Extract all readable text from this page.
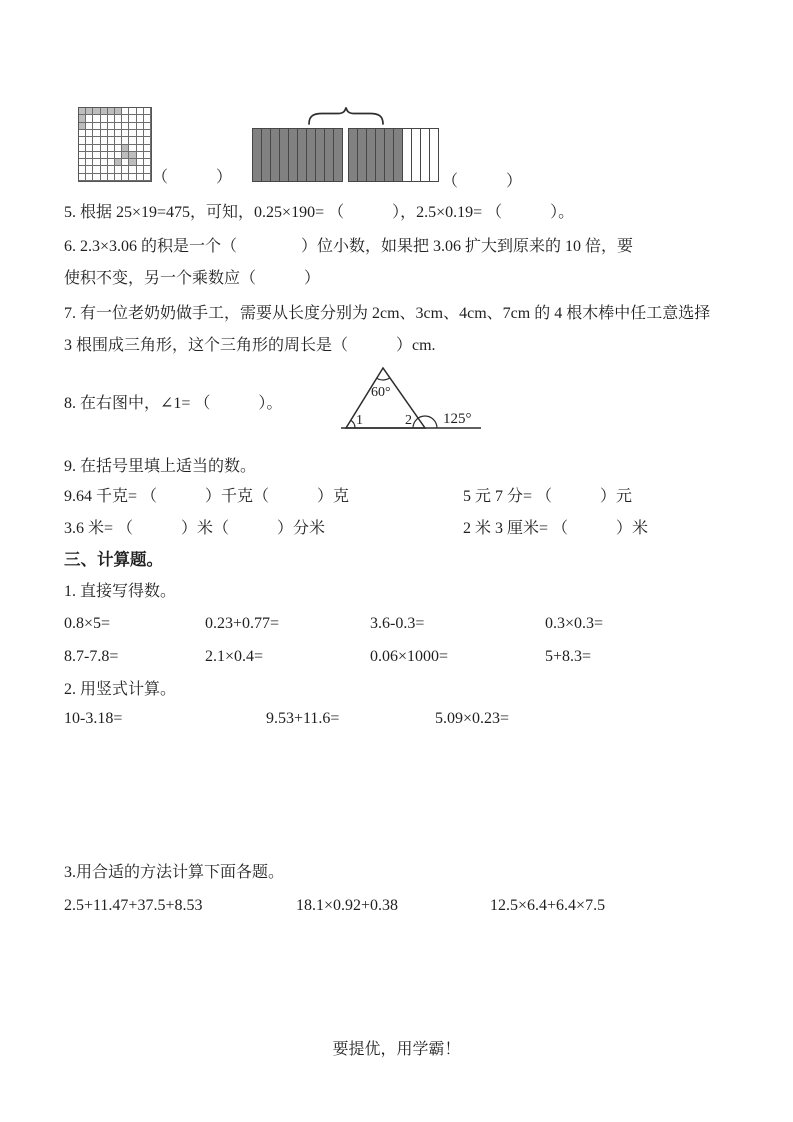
（　　　）	（　　　）
5. 根据 25×19=475，可知，0.25×190= （　　　），2.5×0.19= （　　　）。
6. 2.3×3.06 的积是一个（　　　　）位小数，如果把 3.06 扩大到原来的 10 倍，要
使积不变，另一个乘数应（　　　）
7. 有一位老奶奶做手工，需要从长度分别为 2cm、3cm、4cm、7cm 的 4 根木棒中任工意选择
3 根围成三角形，这个三角形的周长是（　　　）cm.
8. 在右图中，∠1= （　　　）。
60°
1	2 125°
9. 在括号里填上适当的数。
9.64 千克= （　　　）千克（　　　）克	5 元 7 分= （　　　）元
3.6 米= （　　　）米（　　　）分米	2 米 3 厘米= （　　　）米
三、计算题。
1. 直接写得数。
0.8×5=	0.23+0.77=	3.6-0.3=	0.3×0.3=
8.7-7.8=	2.1×0.4=	0.06×1000=	5+8.3=
2. 用竖式计算。
10-3.18=	9.53+11.6=	5.09×0.23=
3.用合适的方法计算下面各题。
2.5+11.47+37.5+8.53	18.1×0.92+0.38	12.5×6.4+6.4×7.5
要提优，用学霸！
